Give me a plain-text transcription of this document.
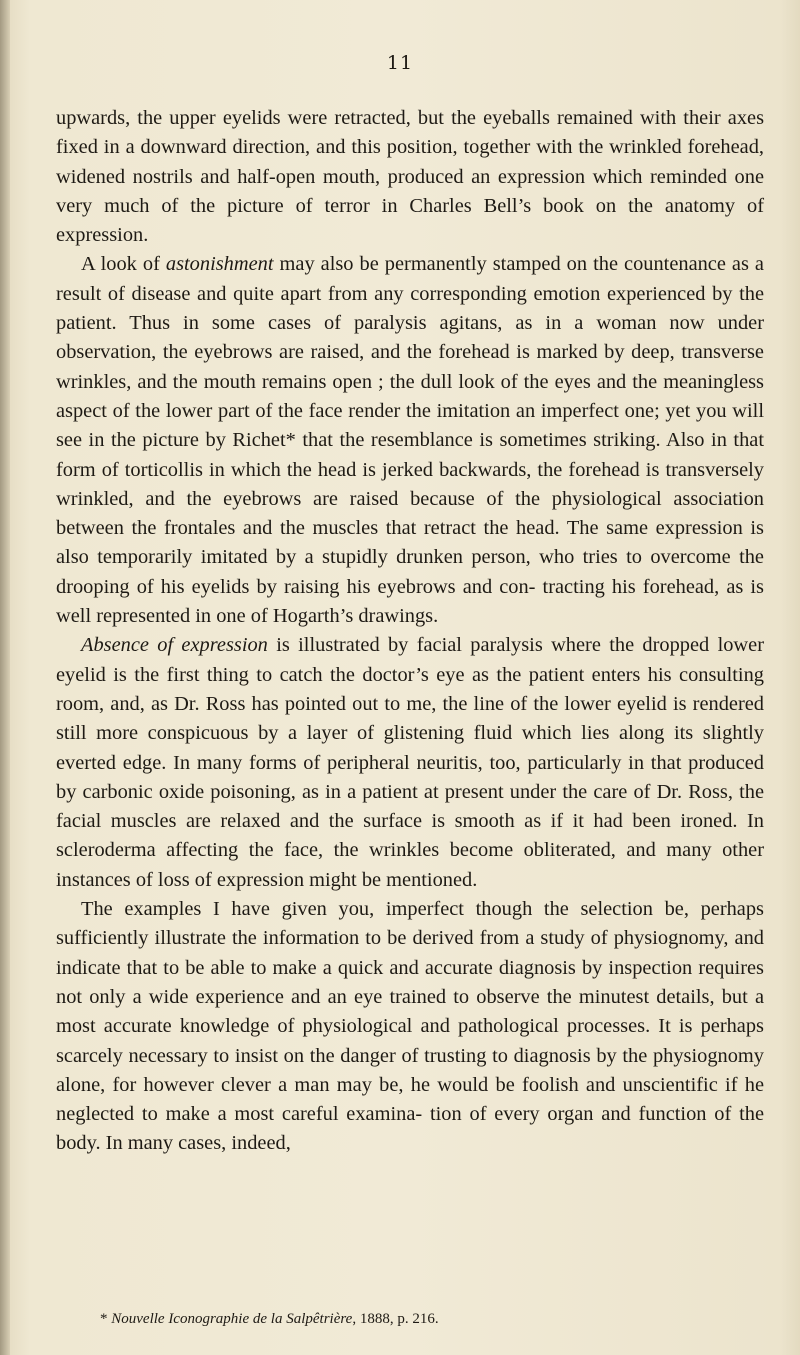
11

upwards, the upper eyelids were retracted, but the eyeballs remained with their axes fixed in a downward direction, and this position, together with the wrinkled forehead, widened nostrils and half-open mouth, produced an expression which reminded one very much of the picture of terror in Charles Bell’s book on the anatomy of expression.

A look of astonishment may also be permanently stamped on the countenance as a result of disease and quite apart from any corresponding emotion experienced by the patient. Thus in some cases of paralysis agitans, as in a woman now under observation, the eyebrows are raised, and the forehead is marked by deep, transverse wrinkles, and the mouth remains open ; the dull look of the eyes and the meaningless aspect of the lower part of the face render the imitation an imperfect one; yet you will see in the picture by Richet* that the resemblance is sometimes striking. Also in that form of torticollis in which the head is jerked backwards, the forehead is transversely wrinkled, and the eyebrows are raised because of the physiological association between the frontales and the muscles that retract the head. The same expression is also temporarily imitated by a stupidly drunken person, who tries to overcome the drooping of his eyelids by raising his eyebrows and con- tracting his forehead, as is well represented in one of Hogarth’s drawings.

Absence of expression is illustrated by facial paralysis where the dropped lower eyelid is the first thing to catch the doctor’s eye as the patient enters his consulting room, and, as Dr. Ross has pointed out to me, the line of the lower eyelid is rendered still more conspicuous by a layer of glistening fluid which lies along its slightly everted edge. In many forms of peripheral neuritis, too, particularly in that produced by carbonic oxide poisoning, as in a patient at present under the care of Dr. Ross, the facial muscles are relaxed and the surface is smooth as if it had been ironed. In scleroderma affecting the face, the wrinkles become obliterated, and many other instances of loss of expression might be mentioned.

The examples I have given you, imperfect though the selection be, perhaps sufficiently illustrate the information to be derived from a study of physiognomy, and indicate that to be able to make a quick and accurate diagnosis by inspection requires not only a wide experience and an eye trained to observe the minutest details, but a most accurate knowledge of physiological and pathological processes. It is perhaps scarcely necessary to insist on the danger of trusting to diagnosis by the physiognomy alone, for however clever a man may be, he would be foolish and unscientific if he neglected to make a most careful examina- tion of every organ and function of the body. In many cases, indeed,

* Nouvelle Iconographie de la Salpêtrière, 1888, p. 216.
